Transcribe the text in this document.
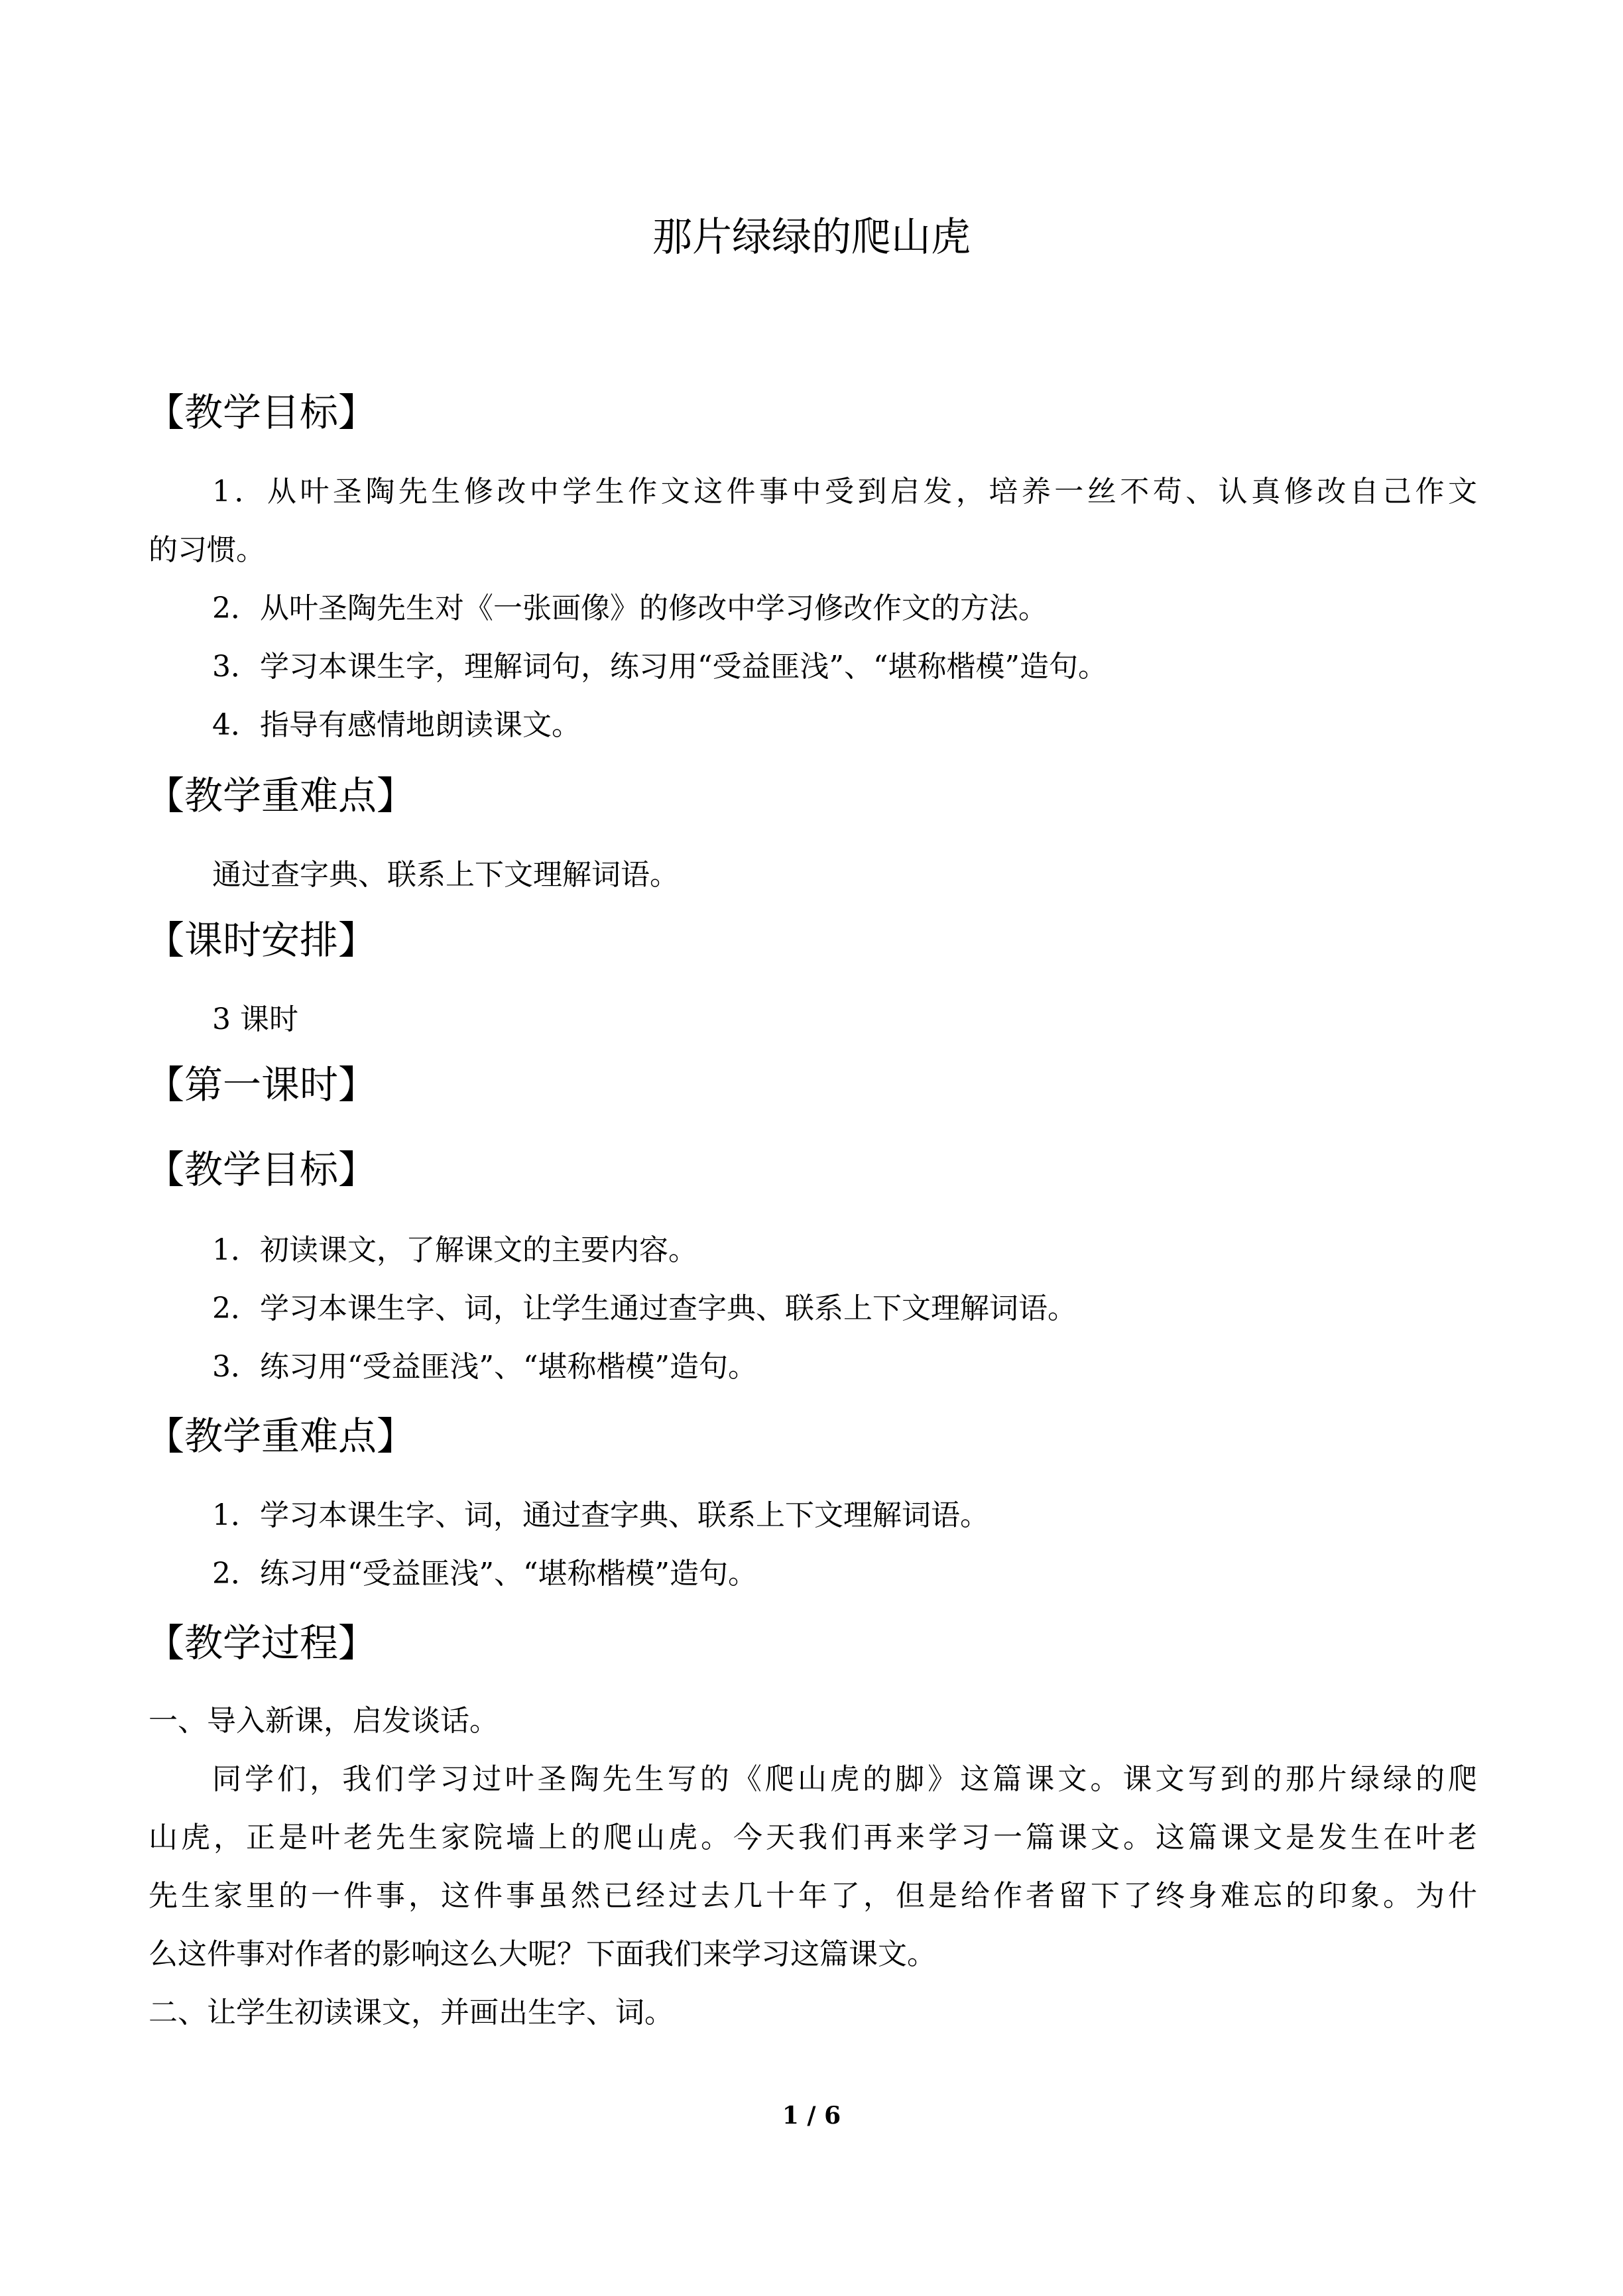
那片绿绿的爬山虎
【教学目标】
1．从叶圣陶先生修改中学生作文这件事中受到启发，培养一丝不苟、认真修改自己作文
的习惯。
2．从叶圣陶先生对《一张画像》的修改中学习修改作文的方法。
3．学习本课生字，理解词句，练习用“受益匪浅”、“堪称楷模”造句。
4．指导有感情地朗读课文。
【教学重难点】
通过查字典、联系上下文理解词语。
【课时安排】
3 课时
【第一课时】
【教学目标】
1．初读课文，了解课文的主要内容。
2．学习本课生字、词，让学生通过查字典、联系上下文理解词语。
3．练习用“受益匪浅”、“堪称楷模”造句。
【教学重难点】
1．学习本课生字、词，通过查字典、联系上下文理解词语。
2．练习用“受益匪浅”、“堪称楷模”造句。
【教学过程】
一、导入新课，启发谈话。
同学们，我们学习过叶圣陶先生写的《爬山虎的脚》这篇课文。课文写到的那片绿绿的爬
山虎，正是叶老先生家院墙上的爬山虎。今天我们再来学习一篇课文。这篇课文是发生在叶老
先生家里的一件事，这件事虽然已经过去几十年了，但是给作者留下了终身难忘的印象。为什
么这件事对作者的影响这么大呢？下面我们来学习这篇课文。
二、让学生初读课文，并画出生字、词。
1 / 6
